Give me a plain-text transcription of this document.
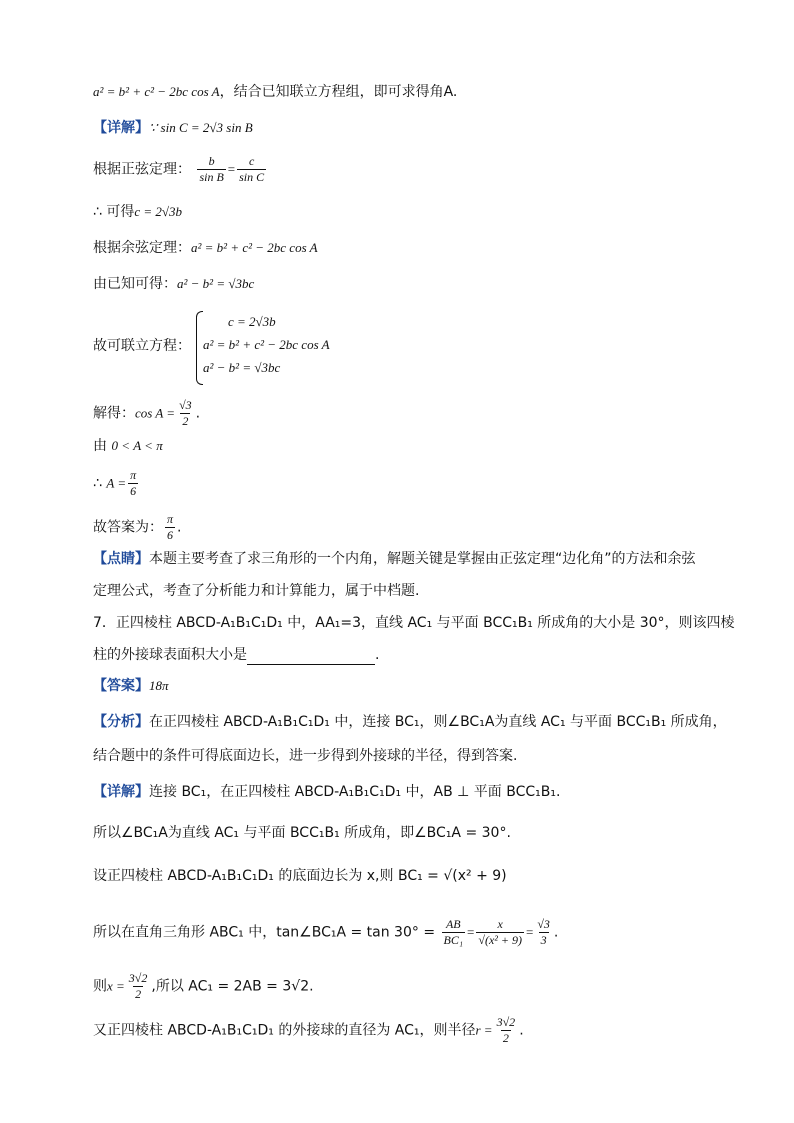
a² = b² + c² − 2bc cos A，结合已知联立方程组，即可求得角A.
【详解】∵ sin C = 2√3 sin B
根据正弦定理： $\frac{b}{\text{sin B}} = \frac{c}{\text{sin C}}$
∴ 可得c = 2√3b
根据余弦定理：a² = b² + c² − 2bc cos A
由已知可得：a² − b² = √3bc
故可联立方程：
c = 2√3b
a² = b² + c² − 2bc cos A
a² − b² = √3bc
解得：$\cos A = \frac{√3}{2}$ .
由 0 < A < π
∴ $A = \frac{\pi}{6}$
故答案为： $\frac{\pi}{6}$ .
【点睛】本题主要考查了求三角形的一个内角，解题关键是掌握由正弦定理“边化角”的方法和余弦
定理公式，考查了分析能力和计算能力，属于中档题.
7．正四棱柱 ABCD-A₁B₁C₁D₁ 中，AA₁=3，直线 AC₁ 与平面 BCC₁B₁ 所成角的大小是 30°，则该四棱
柱的外接球表面积大小是	.
【答案】18π
【分析】在正四棱柱 ABCD-A₁B₁C₁D₁ 中，连接 BC₁，则∠BC₁A为直线 AC₁ 与平面 BCC₁B₁ 所成角，
结合题中的条件可得底面边长，进一步得到外接球的半径，得到答案.
【详解】连接 BC₁，在正四棱柱 ABCD-A₁B₁C₁D₁ 中，AB ⊥ 平面 BCC₁B₁.
所以∠BC₁A为直线 AC₁ 与平面 BCC₁B₁ 所成角，即∠BC₁A = 30°.
设正四棱柱 ABCD-A₁B₁C₁D₁ 的底面边长为 x,则 BC₁ = √(x² + 9)
所以在直角三角形 ABC₁ 中，tan∠BC₁A = $\tan 30^\circ = \frac{AB}{\text{BC₁}} = \frac{x}{\text{√(x² + 9)}} = \frac{√3}{3}$ .
则$x = \frac{3√2}{2}$ ,所以 AC₁ = 2AB = 3√2.
又正四棱柱 ABCD-A₁B₁C₁D₁ 的外接球的直径为 AC₁，则半径$r = \frac{3√2}{2}$ .
